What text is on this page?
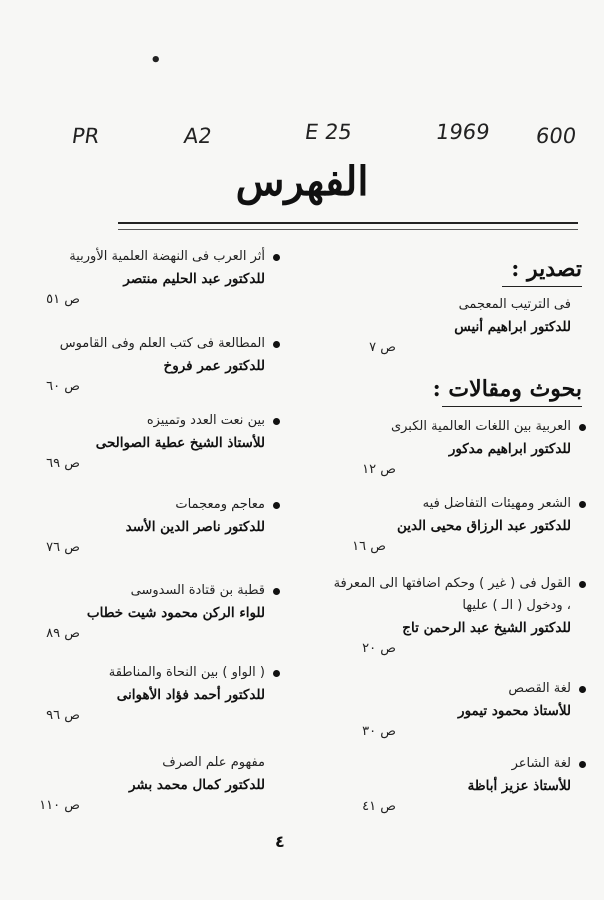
•
PR	A2	E 25	1969 600
الفهرس
تصدير :
فى الترتيب المعجمى
للدكتور ابراهيم أنيس
ص ٧
بحوث ومقالات :
العربية بين اللغات العالمية الكبرى
للدكتور ابراهيم مدكور
ص ١٢
الشعر ومهيئات التفاضل فيه
للدكتور عبد الرزاق محيى الدين
ص ١٦
القول فى ( غير ) وحكم اضافتها الى المعرفة ، ودخول ( الـ ) عليها
للدكتور الشيخ عبد الرحمن تاج
ص ٢٠
لغة القصص
للأستاذ محمود تيمور
ص ٣٠
لغة الشاعر
للأستاذ عزيز أباظة
ص ٤١
أثر العرب فى النهضة العلمية الأوربية
للدكتور عبد الحليم منتصر
ص ٥١
المطالعة فى كتب العلم وفى القاموس
للدكتور عمر فروخ
ص ٦٠
بين نعت العدد وتمييزه
للأستاذ الشيخ عطية الصوالحى
ص ٦٩
معاجم ومعجمات
للدكتور ناصر الدين الأسد
ص ٧٦
قطبة بن قتادة السدوسى
للواء الركن محمود شيت خطاب
ص ٨٩
( الواو ) بين النحاة والمناطقة
للدكتور أحمد فؤاد الأهوانى
ص ٩٦
مفهوم علم الصرف
للدكتور كمال محمد بشر
ص ١١٠
٤
